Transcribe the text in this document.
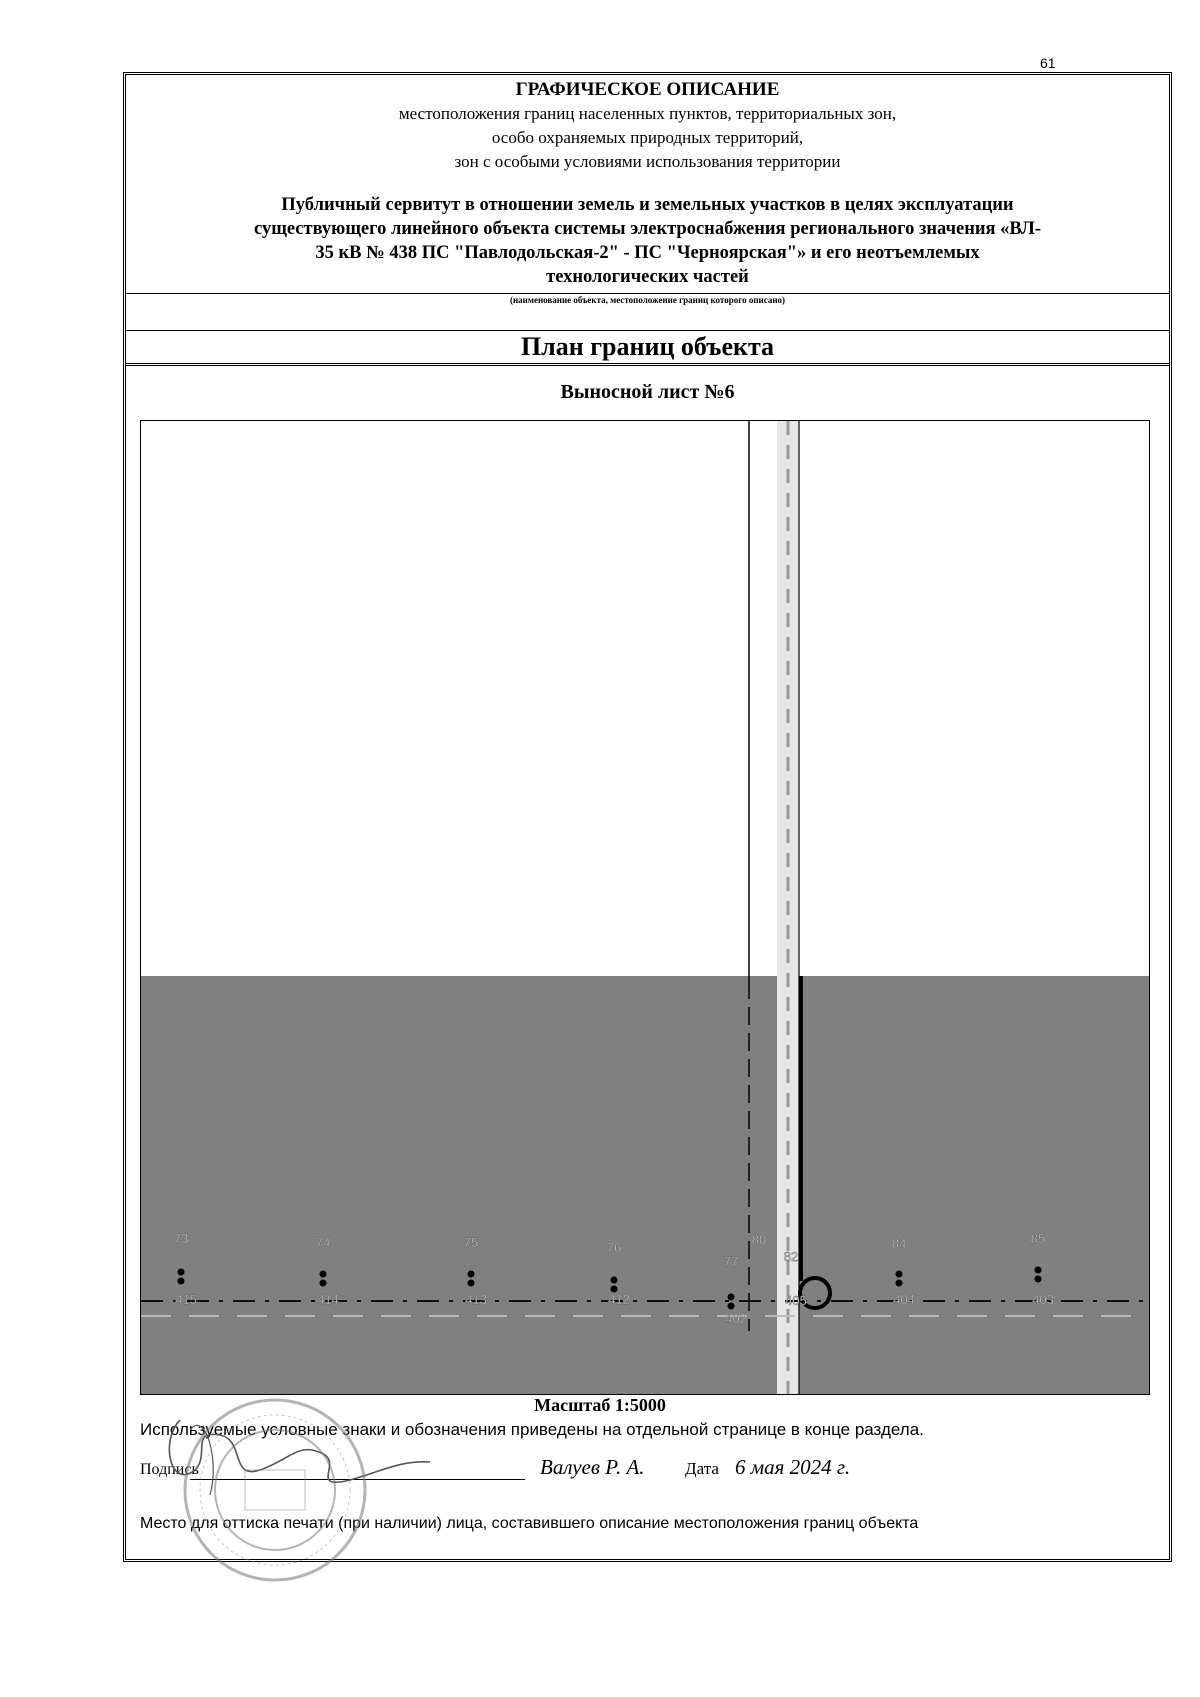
61
ГРАФИЧЕСКОЕ ОПИСАНИЕ
местоположения границ населенных пунктов, территориальных зон,
особо охраняемых природных территорий,
зон с особыми условиями использования территории
Публичный сервитут в отношении земель и земельных участков в целях эксплуатации
существующего линейного объекта системы электроснабжения регионального значения «ВЛ-
35 кВ № 438 ПС "Павлодольская-2" - ПС "Черноярская"» и его неотъемлемых
технологических частей
(наименование объекта, местоположение границ которого описано)
План границ объекта
Выносной лист №6
73
415
74
414
75
413
76
412
77
402
80
82
405
84
404
85
403
Масштаб 1:5000
Используемые условные знаки и обозначения приведены на отдельной странице в конце раздела.
Подпись	Валуев Р. А. Дата 6 мая 2024 г.
Место для оттиска печати (при наличии) лица, составившего описание местоположения границ объекта
